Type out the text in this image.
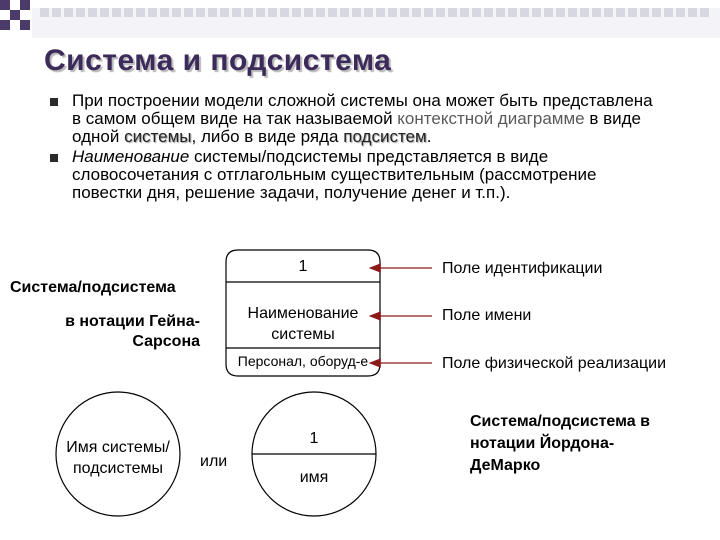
Система и подсистема
При построении модели сложной системы она может быть представлена в самом общем виде на так называемой контекстной диаграмме в виде одной системы, либо в виде ряда подсистем.
Наименование системы/подсистемы представляется в виде словосочетания с отглагольным существительным (рассмотрение повестки дня, решение задачи, получение денег и т.п.).
Система/подсистема
в нотации Гейна-
Сарсона
1
Наименование
системы
Персонал, оборуд-е
Поле идентификации
Поле имени
Поле физической реализации
Имя системы/
подсистемы	или
1
имя
Система/подсистема в
нотации Йордона-
ДеМарко
